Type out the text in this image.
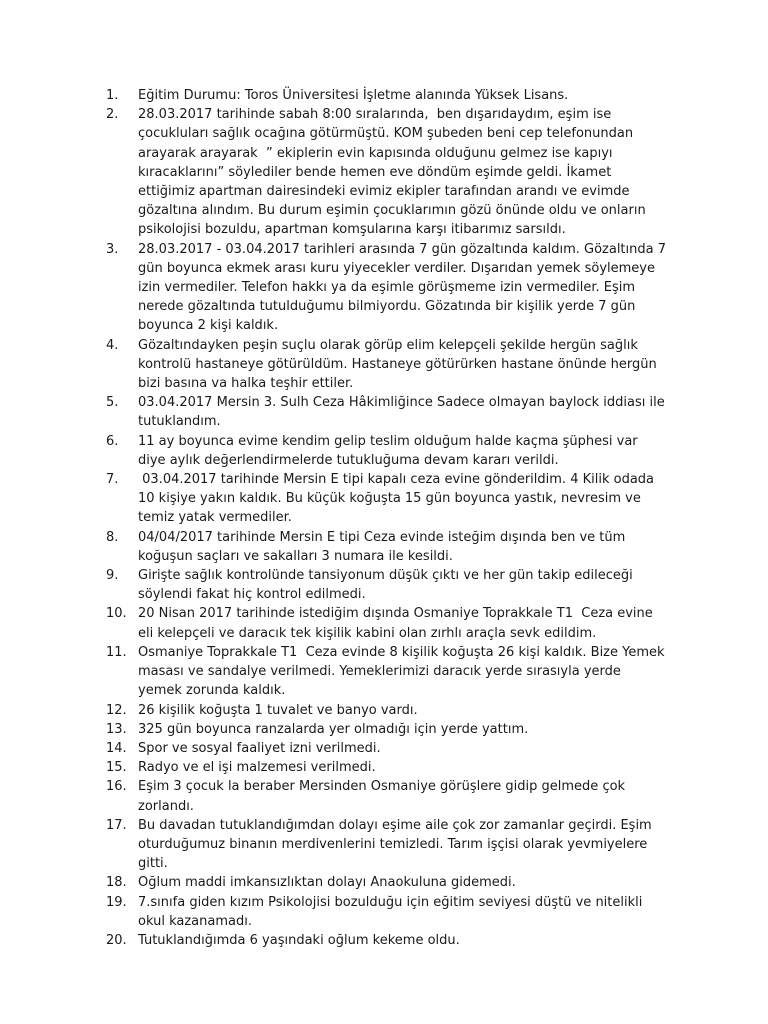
1.	Eğitim Durumu: Toros Üniversitesi İşletme alanında Yüksek Lisans.
2.	28.03.2017 tarihinde sabah 8:00 sıralarında,  ben dışarıdaydım, eşim ise çocukluları sağlık ocağına götürmüştü. KOM şubeden beni cep telefonundan arayarak arayarak  ” ekiplerin evin kapısında olduğunu gelmez ise kapıyı kıracaklarını” söylediler bende hemen eve döndüm eşimde geldi. İkamet ettiğimiz apartman dairesindeki evimiz ekipler tarafından arandı ve evimde gözaltına alındım. Bu durum eşimin çocuklarımın gözü önünde oldu ve onların psikolojisi bozuldu, apartman komşularına karşı itibarımız sarsıldı.
3.	28.03.2017 - 03.04.2017 tarihleri arasında 7 gün gözaltında kaldım. Gözaltında 7 gün boyunca ekmek arası kuru yiyecekler verdiler. Dışarıdan yemek söylemeye izin vermediler. Telefon hakkı ya da eşimle görüşmeme izin vermediler. Eşim nerede gözaltında tutulduğumu bilmiyordu. Gözatında bir kişilik yerde 7 gün boyunca 2 kişi kaldık.
4.	Gözaltındayken peşin suçlu olarak görüp elim kelepçeli şekilde hergün sağlık kontrolü hastaneye götürüldüm. Hastaneye götürürken hastane önünde hergün bizi basına va halka teşhir ettiler.
5.	03.04.2017 Mersin 3. Sulh Ceza Hâkimliğince Sadece olmayan baylock iddiası ile tutuklandım.
6.	11 ay boyunca evime kendim gelip teslim olduğum halde kaçma şüphesi var diye aylık değerlendirmelerde tutukluğuma devam kararı verildi.
7.	03.04.2017 tarihinde Mersin E tipi kapalı ceza evine gönderildim. 4 Kilik odada 10 kişiye yakın kaldık. Bu küçük koğuşta 15 gün boyunca yastık, nevresim ve temiz yatak vermediler.
8.	04/04/2017 tarihinde Mersin E tipi Ceza evinde isteğim dışında ben ve tüm koğuşun saçları ve sakalları 3 numara ile kesildi.
9.	Girişte sağlık kontrolünde tansiyonum düşük çıktı ve her gün takip edileceği söylendi fakat hiç kontrol edilmedi.
10. 20 Nisan 2017 tarihinde istediğim dışında Osmaniye Toprakkale T1  Ceza evine eli kelepçeli ve daracık tek kişilik kabini olan zırhlı araçla sevk edildim.
11. Osmaniye Toprakkale T1  Ceza evinde 8 kişilik koğuşta 26 kişi kaldık. Bize Yemek masası ve sandalye verilmedi. Yemeklerimizi daracık yerde sırasıyla yerde yemek zorunda kaldık.
12. 26 kişilik koğuşta 1 tuvalet ve banyo vardı.
13. 325 gün boyunca ranzalarda yer olmadığı için yerde yattım.
14. Spor ve sosyal faaliyet izni verilmedi.
15. Radyo ve el işi malzemesi verilmedi.
16. Eşim 3 çocuk la beraber Mersinden Osmaniye görüşlere gidip gelmede çok zorlandı.
17. Bu davadan tutuklandığımdan dolayı eşime aile çok zor zamanlar geçirdi. Eşim oturduğumuz binanın merdivenlerini temizledi. Tarım işçisi olarak yevmiyelere gitti.
18. Oğlum maddi imkansızlıktan dolayı Anaokuluna gidemedi.
19. 7.sınıfa giden kızım Psikolojisi bozulduğu için eğitim seviyesi düştü ve nitelikli okul kazanamadı.
20. Tutuklandığımda 6 yaşındaki oğlum kekeme oldu.
